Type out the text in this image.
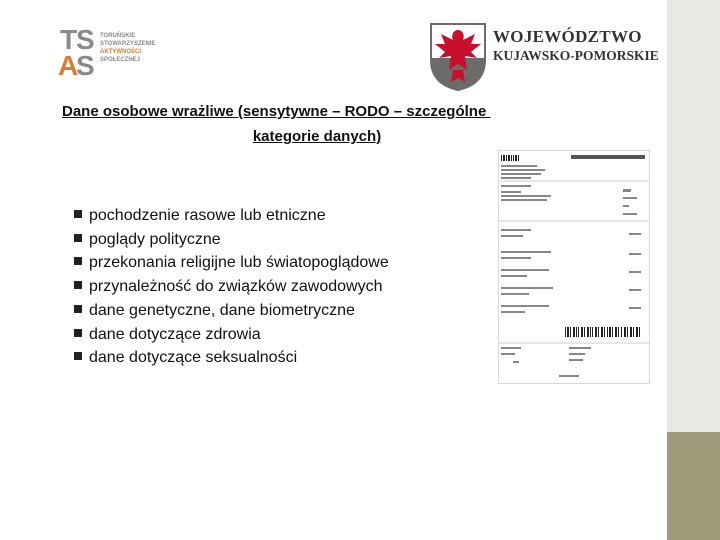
T
S
A
S
TORUŃSKIE
STOWARZYSZENIE
AKTYWNOŚCI
SPOŁECZNEJ
WOJEWÓDZTWO
KUJAWSKO-POMORSKIE
Dane osobowe wrażliwe (sensytywne – RODO – szczególne
kategorie danych)
pochodzenie rasowe lub etniczne
poglądy polityczne
przekonania religijne lub światopoglądowe
przynależność do związków zawodowych
dane genetyczne, dane biometryczne
dane dotyczące zdrowia
dane dotyczące seksualności
